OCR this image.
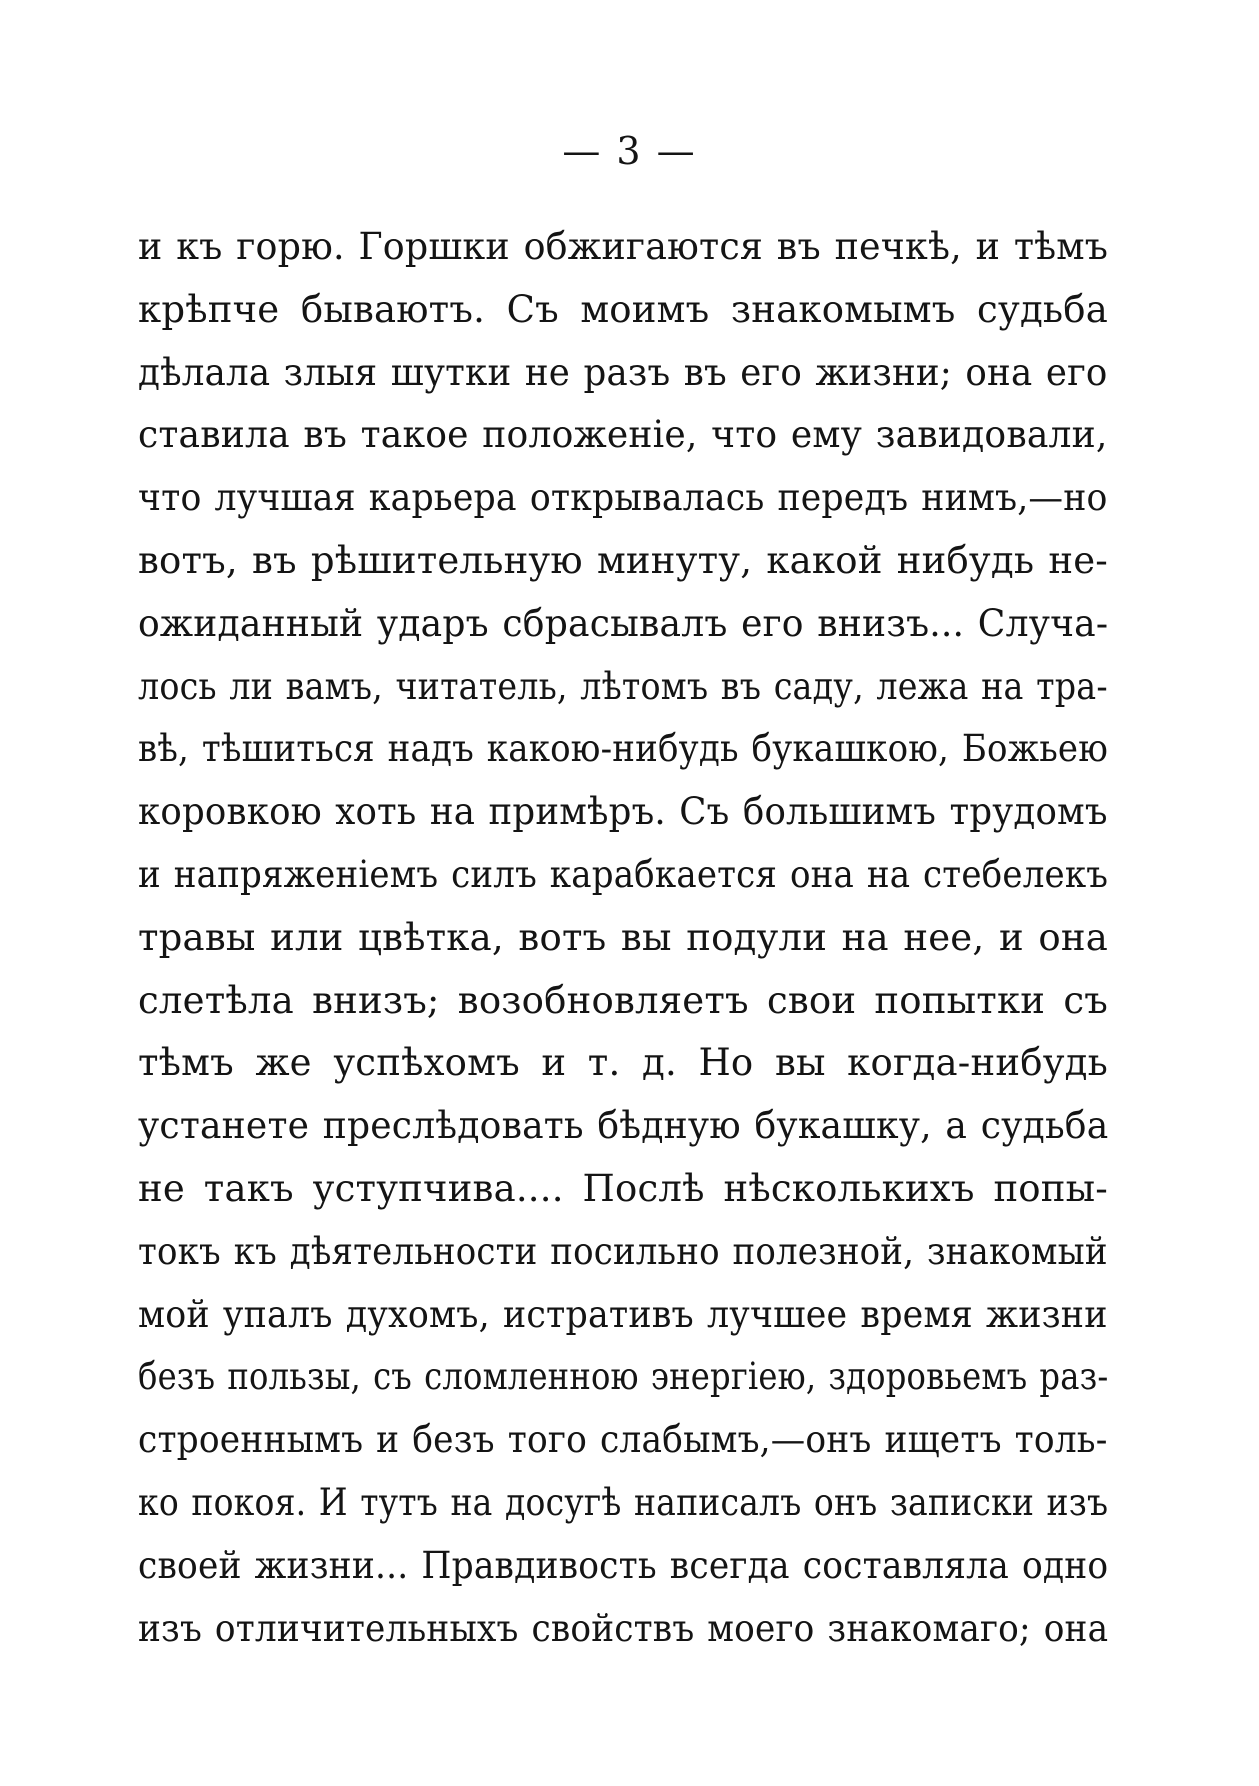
— 3 —
и къ горю. Горшки обжигаются въ печкѣ, и тѣмъ
крѣпче бываютъ. Съ моимъ знакомымъ судьба
дѣлала злыя шутки не разъ въ его жизни; она его
ставила въ такое положеніе, что ему завидовали,
что лучшая карьера открывалась передъ нимъ,—но
вотъ, въ рѣшительную минуту, какой нибудь не-
ожиданный ударъ сбрасывалъ его внизъ... Случа-
лось ли вамъ, читатель, лѣтомъ въ саду, лежа на тра-
вѣ, тѣшиться надъ какою-нибудь букашкою, Божьею
коровкою хоть на примѣръ. Съ большимъ трудомъ
и напряженіемъ силъ карабкается она на стебелекъ
травы или цвѣтка, вотъ вы подули на нее, и она
слетѣла внизъ; возобновляетъ свои попытки съ
тѣмъ же успѣхомъ и т. д. Но вы когда-нибудь
устанете преслѣдовать бѣдную букашку, а судьба
не такъ уступчива.... Послѣ нѣсколькихъ попы-
токъ къ дѣятельности посильно полезной, знакомый
мой упалъ духомъ, истративъ лучшее время жизни
безъ пользы, съ сломленною энергіею, здоровьемъ раз-
строеннымъ и безъ того слабымъ,—онъ ищетъ толь-
ко покоя. И тутъ на досугѣ написалъ онъ записки изъ
своей жизни... Правдивость всегда составляла одно
изъ отличительныхъ свойствъ моего знакомаго; она
